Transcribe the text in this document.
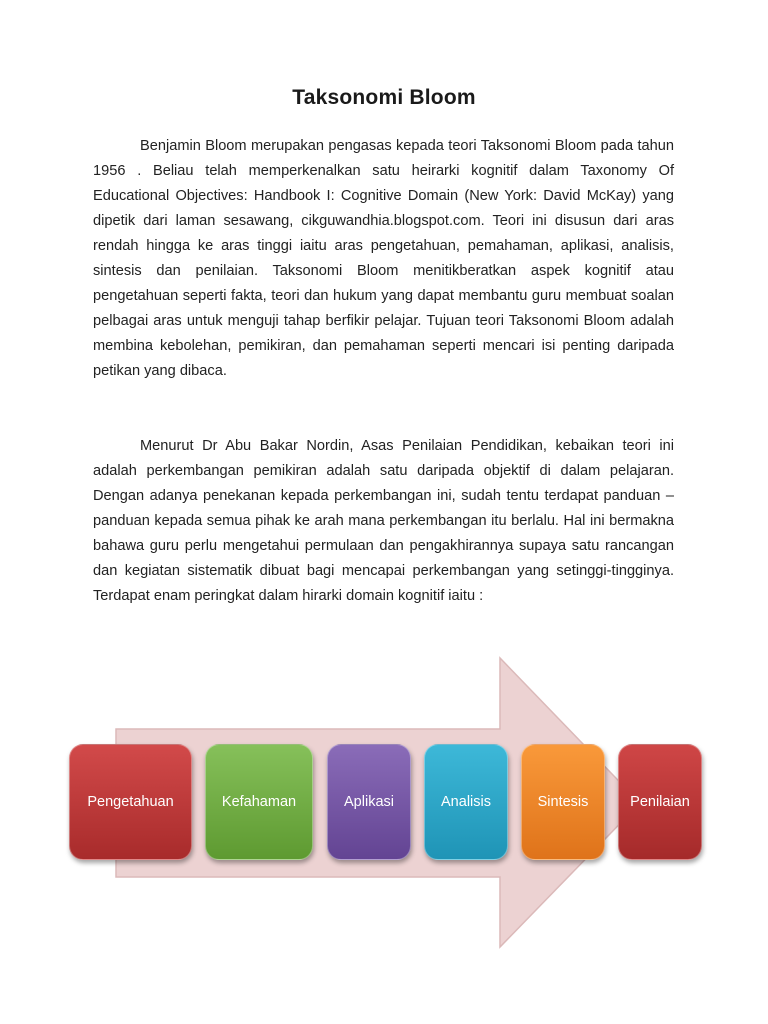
Taksonomi Bloom

Benjamin Bloom merupakan pengasas kepada teori Taksonomi Bloom pada tahun 1956 . Beliau telah memperkenalkan satu heirarki kognitif dalam Taxonomy Of Educational Objectives: Handbook I: Cognitive Domain (New York: David McKay) yang dipetik dari laman sesawang, cikguwandhia.blogspot.com. Teori ini disusun dari aras rendah hingga ke aras tinggi iaitu aras pengetahuan, pemahaman, aplikasi, analisis, sintesis dan penilaian. Taksonomi Bloom menitikberatkan aspek kognitif atau pengetahuan seperti fakta, teori dan hukum yang dapat membantu guru membuat soalan pelbagai aras untuk menguji tahap berfikir pelajar. Tujuan teori Taksonomi Bloom adalah membina kebolehan, pemikiran, dan pemahaman seperti mencari isi penting daripada petikan yang dibaca.

Menurut Dr Abu Bakar Nordin, Asas Penilaian Pendidikan, kebaikan teori ini adalah perkembangan pemikiran adalah satu daripada objektif di dalam pelajaran. Dengan adanya penekanan kepada perkembangan ini, sudah tentu terdapat panduan – panduan kepada semua pihak ke arah mana perkembangan itu berlalu. Hal ini bermakna bahawa guru perlu mengetahui permulaan dan pengakhirannya supaya satu rancangan dan kegiatan sistematik dibuat bagi mencapai perkembangan yang setinggi-tingginya. Terdapat enam peringkat dalam hirarki domain kognitif iaitu :

Pengetahuan	Kefahaman	Aplikasi	Analisis	Sintesis	Penilaian
